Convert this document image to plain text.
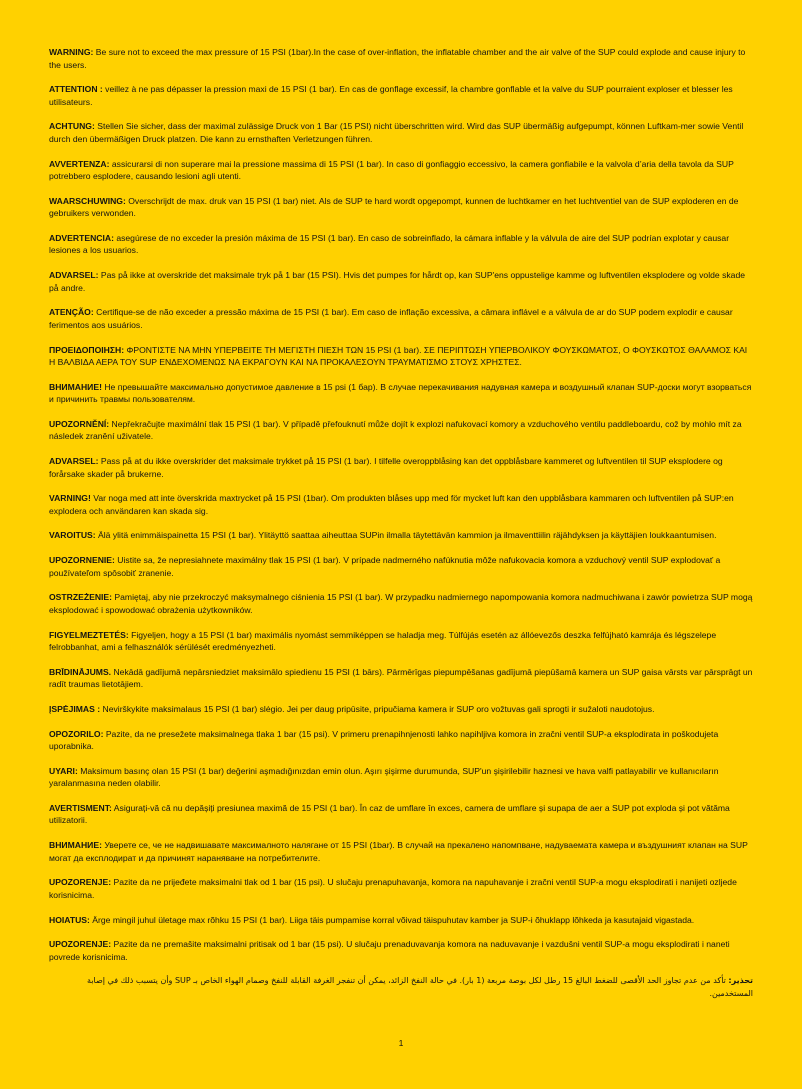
WARNING: Be sure not to exceed the max pressure of 15 PSI (1bar).In the case of over-inflation, the inflatable chamber and the air valve of the SUP could explode and cause injury to the users.

ATTENTION : veillez à ne pas dépasser la pression maxi de 15 PSI (1 bar). En cas de gonflage excessif, la chambre gonflable et la valve du SUP pourraient exploser et blesser les utilisateurs.

ACHTUNG: Stellen Sie sicher, dass der maximal zulässige Druck von 1 Bar (15 PSI) nicht überschritten wird. Wird das SUP übermäßig aufgepumpt, können Luftkam-mer sowie Ventil durch den übermäßigen Druck platzen. Die kann zu ernsthaften Verletzungen führen.

AVVERTENZA: assicurarsi di non superare mai la pressione massima di 15 PSI (1 bar). In caso di gonfiaggio eccessivo, la camera gonfiabile e la valvola d’aria della tavola da SUP potrebbero esplodere, causando lesioni agli utenti.

WAARSCHUWING: Overschrijdt de max. druk van 15 PSI (1 bar) niet. Als de SUP te hard wordt opgepompt, kunnen de luchtkamer en het luchtventiel van de SUP exploderen en de gebruikers verwonden.

ADVERTENCIA: asegúrese de no exceder la presión máxima de 15 PSI (1 bar). En caso de sobreinflado, la cámara inflable y la válvula de aire del SUP podrían explotar y causar lesiones a los usuarios.

ADVARSEL: Pas på ikke at overskride det maksimale tryk på 1 bar (15 PSI). Hvis det pumpes for hårdt op, kan SUP'ens oppustelige kamme og luftventilen eksplodere og volde skade på andre.

ATENÇÃO: Certifique-se de não exceder a pressão máxima de 15 PSI (1 bar). Em caso de inflação excessiva, a câmara inflável e a válvula de ar do SUP podem explodir e causar ferimentos aos usuários.

ΠΡΟΕΙΔΟΠΟΙΗΣΗ: ΦΡΟΝΤΙΣΤΕ ΝΑ ΜΗΝ ΥΠΕΡΒΕΙΤΕ ΤΗ ΜΕΓΙΣΤΗ ΠΙΕΣΗ ΤΩΝ 15 PSI (1 bar). ΣΕ ΠΕΡΙΠΤΩΣΗ ΥΠΕΡΒΟΛΙΚΟΥ ΦΟΥΣΚΩΜΑΤΟΣ, Ο ΦΟΥΣΚΩΤΟΣ ΘΑΛΑΜΟΣ ΚΑΙ Η ΒΑΛΒΙΔΑ ΑΕΡΑ ΤΟΥ SUP ΕΝΔΕΧΟΜΕΝΩΣ ΝΑ ΕΚΡΑΓΟΥΝ ΚΑΙ ΝΑ ΠΡΟΚΑΛΕΣΟΥΝ ΤΡΑΥΜΑΤΙΣΜΟ ΣΤΟΥΣ ΧΡΗΣΤΕΣ.

ВНИМАНИЕ! Не превышайте максимально допустимое давление в 15 psi (1 бар). В случае перекачивания надувная камера и воздушный клапан SUP-доски могут взорваться и причинить травмы пользователям.

UPOZORNĚNÍ: Nepřekračujte maximální tlak 15 PSI (1 bar). V případě přefouknutí může dojít k explozi nafukovací komory a vzduchového ventilu paddleboardu, což by mohlo mít za následek zranění uživatele.

ADVARSEL: Pass på at du ikke overskrider det maksimale trykket på 15 PSI (1 bar). I tilfelle overoppblåsing kan det oppblåsbare kammeret og luftventilen til SUP eksplodere og forårsake skader på brukerne.

VARNING! Var noga med att inte överskrida maxtrycket på 15 PSI (1bar). Om produkten blåses upp med för mycket luft kan den uppblåsbara kammaren och luftventilen på SUP:en explodera och användaren kan skada sig.

VAROITUS: Älä ylitä enimmäispainetta 15 PSI (1 bar). Ylitäyttö saattaa aiheuttaa SUPin ilmalla täytettävän kammion ja ilmaventtiilin räjähdyksen ja käyttäjien loukkaantumisen.

UPOZORNENIE: Uistite sa, že nepresiahnete maximálny tlak 15 PSI (1 bar). V prípade nadmerného nafúknutia môže nafukovacia komora a vzduchový ventil SUP explodovať a používateľom spôsobiť zranenie.

OSTRZEŻENIE: Pamiętaj, aby nie przekroczyć maksymalnego ciśnienia 15 PSI (1 bar). W przypadku nadmiernego napompowania komora nadmuchiwana i zawór powietrza SUP mogą eksplodować i spowodować obrażenia użytkowników.

FIGYELMEZTETÉS: Figyeljen, hogy a 15 PSI (1 bar) maximális nyomást semmiképpen se haladja meg. Túlfújás esetén az állóevezős deszka felfújható kamrája és légszelepe felrobbanhat, ami a felhasználók sérülését eredményezheti.

BRĪDINĀJUMS. Nekādā gadījumā nepārsniedziet maksimālo spiedienu 15 PSI (1 bārs). Pārmērīgas piepumpēšanas gadījumā piepūšamā kamera un SUP gaisa vārsts var pārsprāgt un radīt traumas lietotājiem.

ĮSPĖJIMAS : Nevirškykite maksimalaus 15 PSI (1 bar) slėgio. Jei per daug pripūsite, pripučiama kamera ir SUP oro vožtuvas gali sprogti ir sužaloti naudotojus.

OPOZORILO: Pazite, da ne presežete maksimalnega tlaka 1 bar (15 psi). V primeru prenapihnjenosti lahko napihljiva komora in zračni ventil SUP-a eksplodirata in poškodujeta uporabnika.

UYARI: Maksimum basınç olan 15 PSI (1 bar) değerini aşmadığınızdan emin olun. Aşırı şişirme durumunda, SUP'un şişirilebilir haznesi ve hava valfi patlayabilir ve kullanıcıların yaralanmasına neden olabilir.

AVERTISMENT: Asigurați-vă că nu depășiți presiunea maximă de 15 PSI (1 bar). În caz de umflare în exces, camera de umflare și supapa de aer a SUP pot exploda și pot vătăma utilizatorii.

ВНИМАНИЕ: Уверете се, че не надвишавате максималното налягане от 15 PSI (1bar). В случай на прекалено напомпване, надуваемата камера и въздушният клапан на SUP могат да експлодират и да причинят нараняване на потребителите.

UPOZORENJE: Pazite da ne prijeđete maksimalni tlak od 1 bar (15 psi). U slučaju prenapuhavanja, komora na napuhavanje i zračni ventil SUP-a mogu eksplodirati i nanijeti ozljede korisnicima.

HOIATUS: Ärge mingil juhul ületage max rõhku 15 PSI (1 bar). Liiga täis pumpamise korral võivad täispuhutav kamber ja SUP-i õhuklapp lõhkeda ja kasutajaid vigastada.

UPOZORENJE: Pazite da ne premašite maksimalni pritisak od 1 bar (15 psi). U slučaju prenaduvavanja komora na naduvavanje i vazdušni ventil SUP-a mogu eksplodirati i naneti povrede korisnicima.

تحذير: تأكد من عدم تجاوز الحد الأقصى للضغط البالغ 15 رطل لكل بوصة مربعة (1 بار). في حالة النفخ الزائد، يمكن أن تنفجر الغرفة القابلة للنفخ وصمام الهواء الخاص بـ SUP وأن يتسبب ذلك في إصابة المستخدمين.

1
